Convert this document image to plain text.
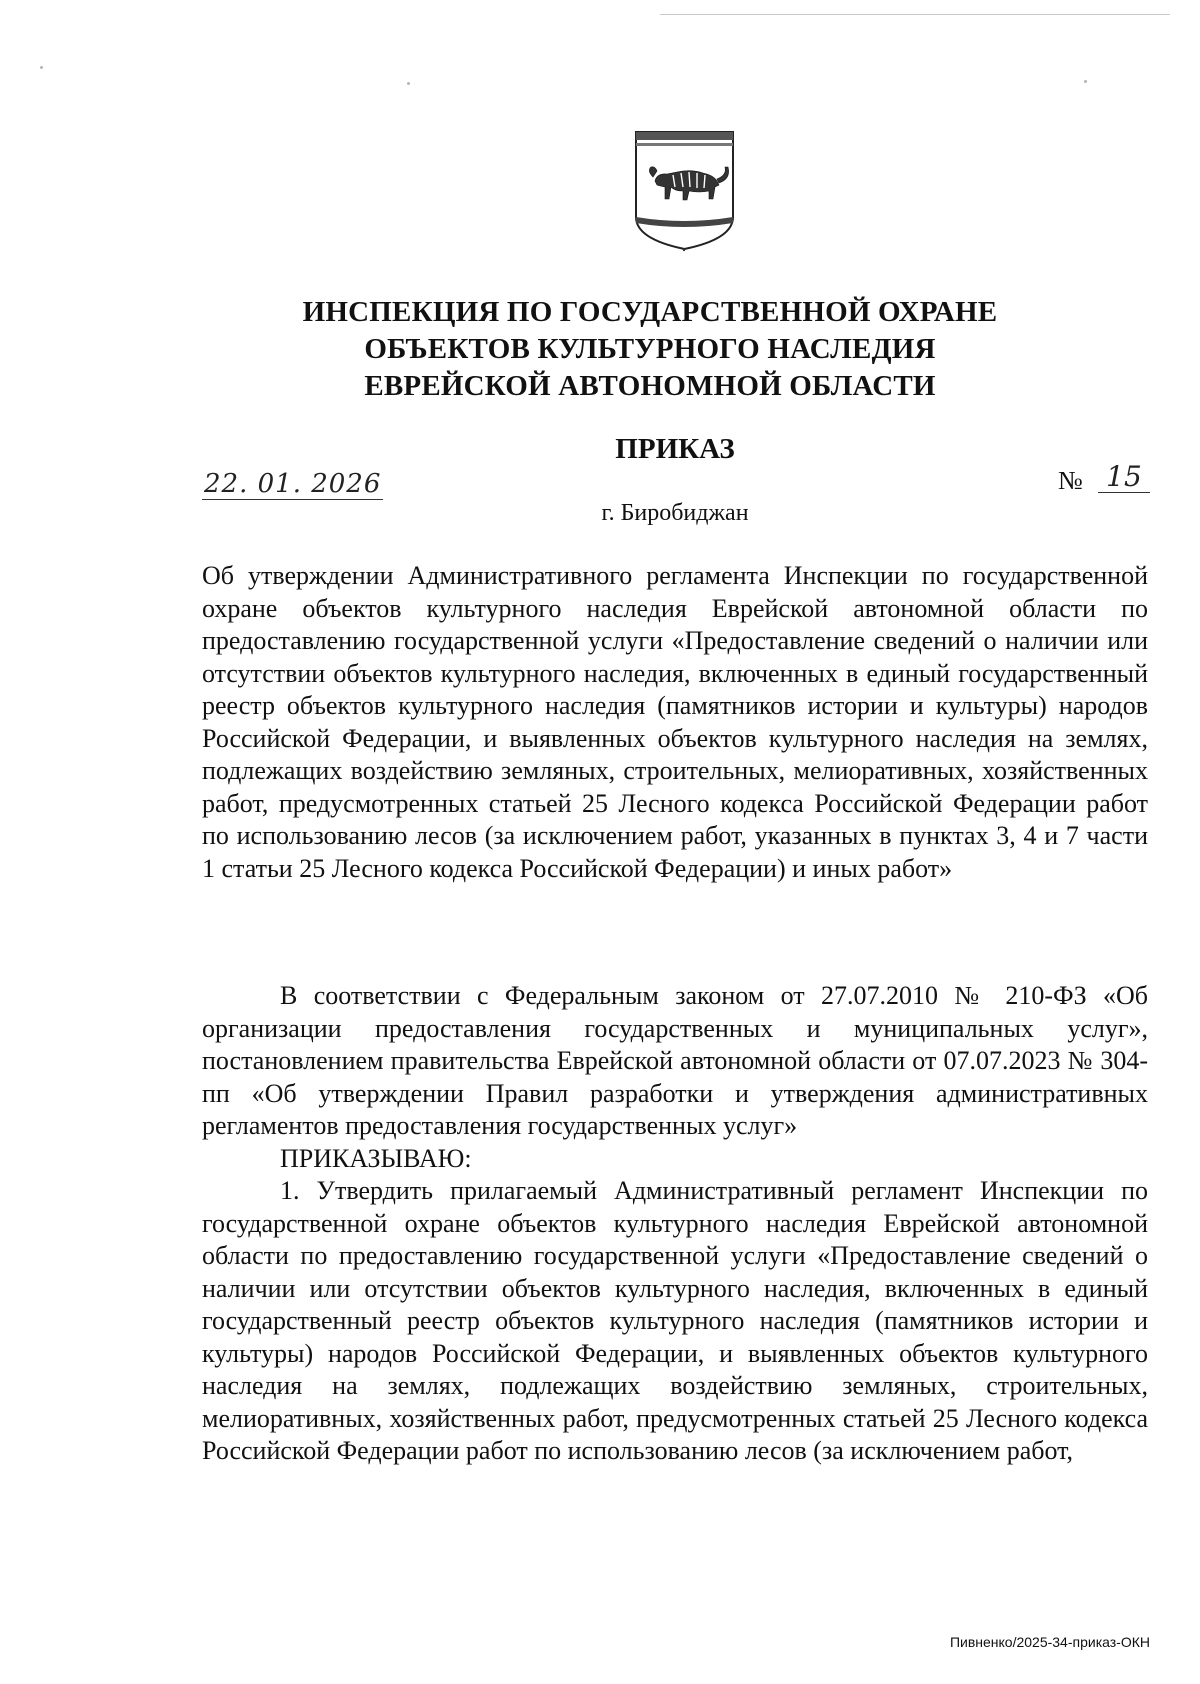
ИНСПЕКЦИЯ ПО ГОСУДАРСТВЕННОЙ ОХРАНЕ
ОБЪЕКТОВ КУЛЬТУРНОГО НАСЛЕДИЯ
ЕВРЕЙСКОЙ АВТОНОМНОЙ ОБЛАСТИ
ПРИКАЗ
22. 01. 2026	№ 15
г. Биробиджан
Об утверждении Административного регламента Инспекции по государственной охране объектов культурного наследия Еврейской автономной области по предоставлению государственной услуги «Предоставление сведений о наличии или отсутствии объектов культурного наследия, включенных в единый государственный реестр объектов культурного наследия (памятников истории и культуры) народов Российской Федерации, и выявленных объектов культурного наследия на землях, подлежащих воздействию земляных, строительных, мелиоративных, хозяйственных работ, предусмотренных статьей 25 Лесного кодекса Российской Федерации работ по использованию лесов (за исключением работ, указанных в пунктах 3, 4 и 7 части 1 статьи 25 Лесного кодекса Российской Федерации) и иных работ»

В соответствии с Федеральным законом от 27.07.2010 № 210-ФЗ «Об организации предоставления государственных и муниципальных услуг», постановлением правительства Еврейской автономной области от 07.07.2023 № 304-пп «Об утверждении Правил разработки и утверждения административных регламентов предоставления государственных услуг»

ПРИКАЗЫВАЮ:

1. Утвердить прилагаемый Административный регламент Инспекции по государственной охране объектов культурного наследия Еврейской автономной области по предоставлению государственной услуги «Предоставление сведений о наличии или отсутствии объектов культурного наследия, включенных в единый государственный реестр объектов культурного наследия (памятников истории и культуры) народов Российской Федерации, и выявленных объектов культурного наследия на землях, подлежащих воздействию земляных, строительных, мелиоративных, хозяйственных работ, предусмотренных статьей 25 Лесного кодекса Российской Федерации работ по использованию лесов (за исключением работ,

Пивненко/2025-34-приказ-ОКН
